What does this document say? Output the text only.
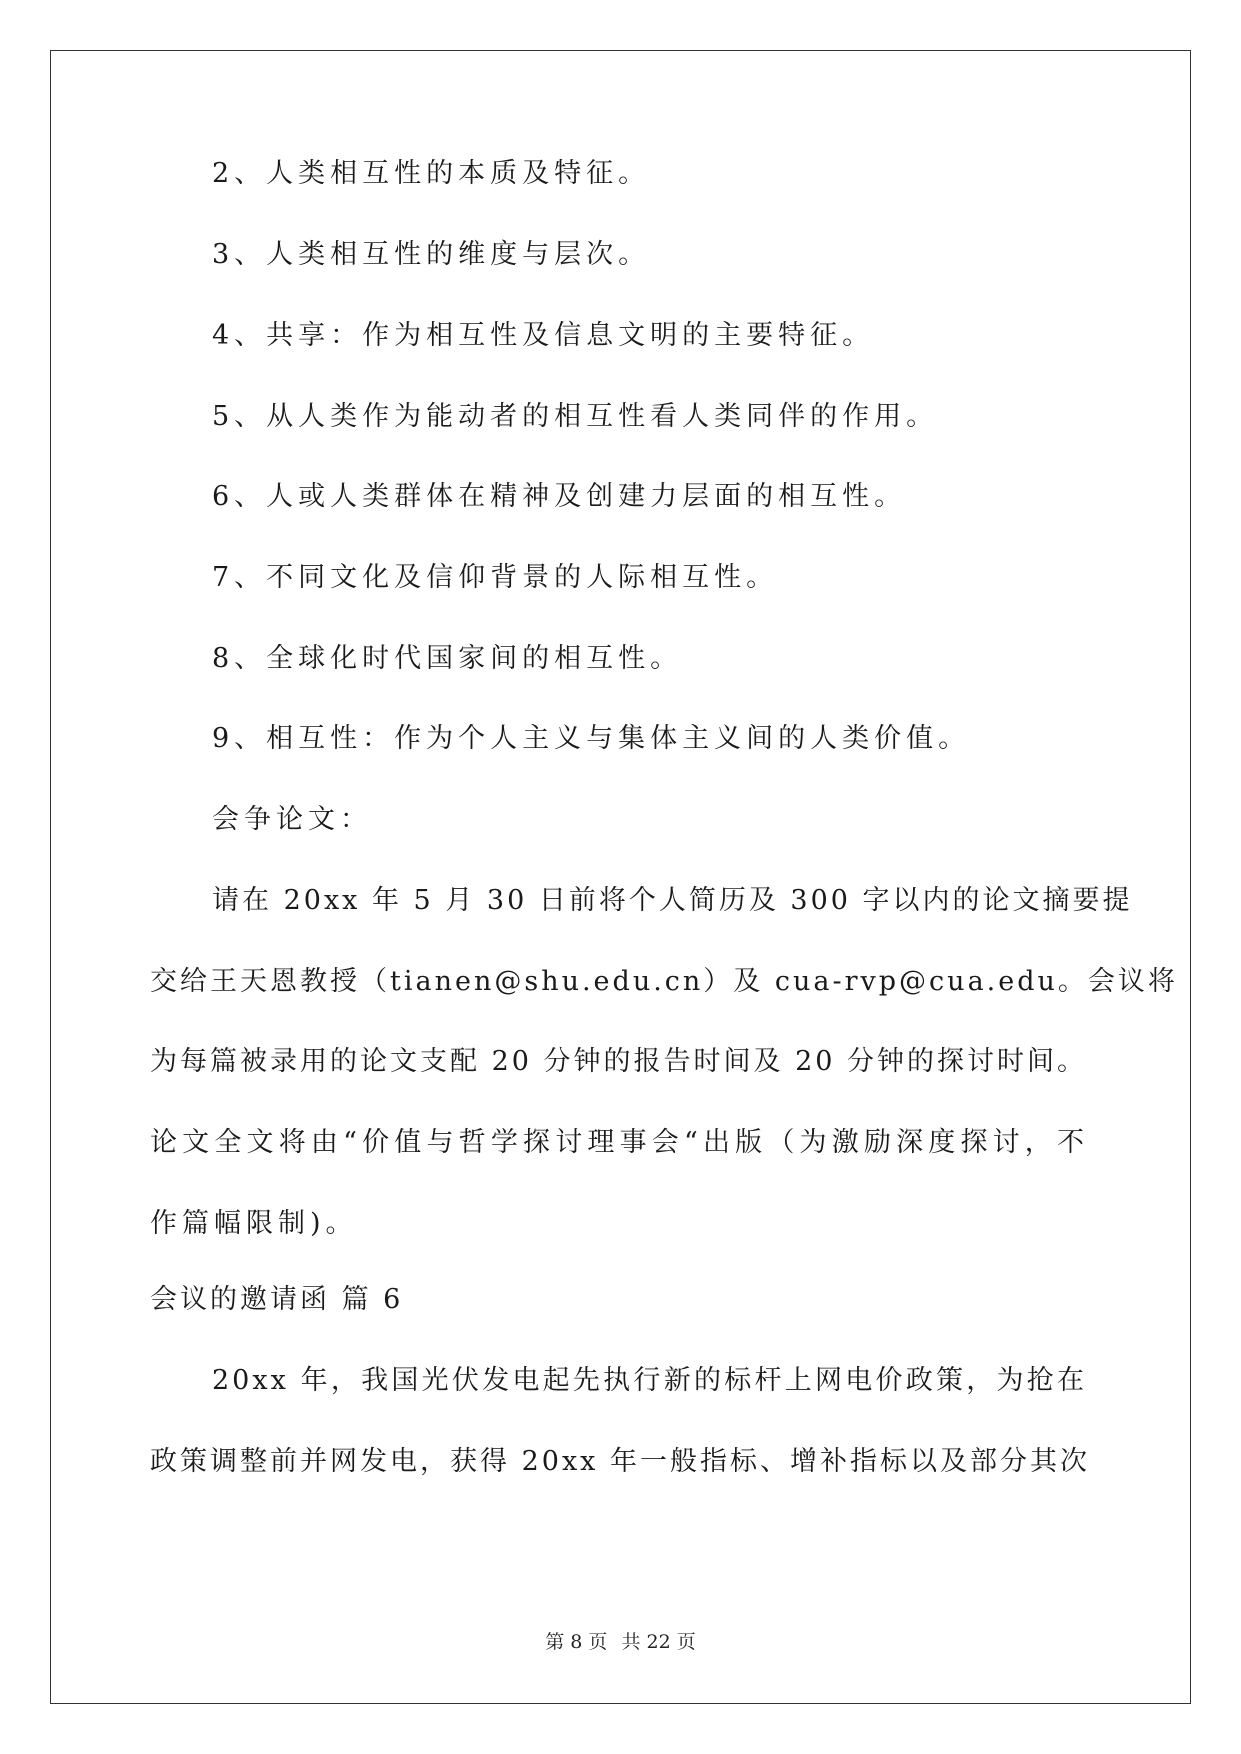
2、人类相互性的本质及特征。
3、人类相互性的维度与层次。
4、共享：作为相互性及信息文明的主要特征。
5、从人类作为能动者的相互性看人类同伴的作用。
6、人或人类群体在精神及创建力层面的相互性。
7、不同文化及信仰背景的人际相互性。
8、全球化时代国家间的相互性。
9、相互性：作为个人主义与集体主义间的人类价值。
会争论文：
请在 20xx 年 5 月 30 日前将个人简历及 300 字以内的论文摘要提
交给王天恩教授（tianen@shu.edu.cn）及 cua-rvp@cua.edu。会议将
为每篇被录用的论文支配 20 分钟的报告时间及 20 分钟的探讨时间。
论文全文将由“价值与哲学探讨理事会“出版（为激励深度探讨，不
作篇幅限制)。
会议的邀请函 篇 6
20xx 年，我国光伏发电起先执行新的标杆上网电价政策，为抢在
政策调整前并网发电，获得 20xx 年一般指标、增补指标以及部分其次
第 8 页 共 22 页
